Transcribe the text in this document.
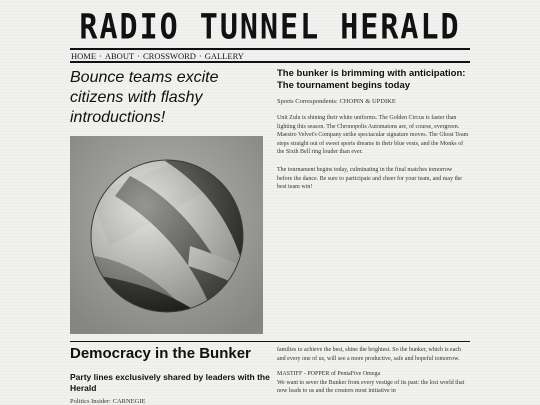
RADIO TUNNEL HERALD
HOME · ABOUT · CROSSWORD · GALLERY
Bounce teams excite citizens with flashy introductions!
The bunker is brimming with anticipation: The tournament begins today
Sports Correspondents: CHOPIN & UPDIKE

Unit Zulu is shining their white uniforms. The Golden Circus is faster than lighting this season. The Chronopolis Automatons are, of course, evergreen. Maestro Velvet's Company strike spectacular signature moves. The Ghost Team steps straight out of sweet sports dreams in their blue vests, and the Monks of the Sixth Bell ring louder than ever.

The tournament begins today, culminating in the final matches tomorrow before the dance. Be sure to participate and cheer for your team, and may the best team win!

Democracy in the Bunker
Party lines exclusively shared by leaders with the Herald
Politics Insider: CARNEGIE

families to achieve the best, shine the brightest. So the bunker, which is each and every one of us, will see a more productive, safe and hopeful tomorrow.

MASTIFF - POPPER of PentaFive Omega

We want to sever the Bunker from every vestige of its past: the lost world that now leads to us and the creators most initiative in
